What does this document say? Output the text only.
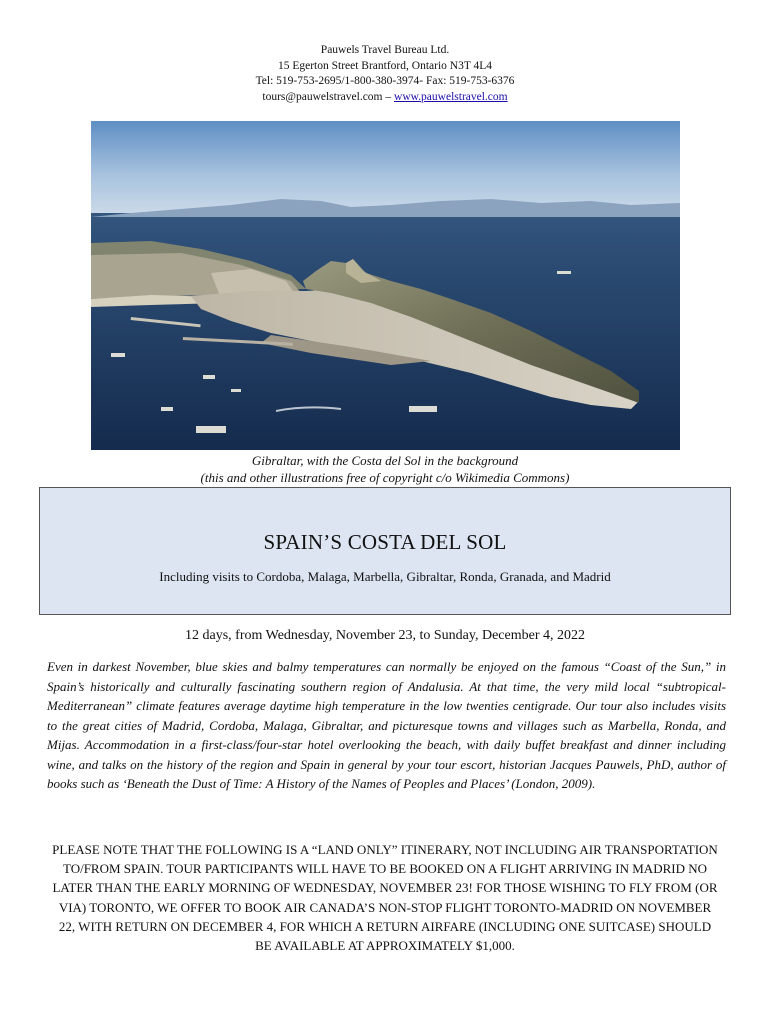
Pauwels Travel Bureau Ltd.
15 Egerton Street Brantford, Ontario N3T 4L4
Tel: 519-753-2695/1-800-380-3974- Fax: 519-753-6376
tours@pauwelstravel.com – www.pauwelstravel.com
Gibraltar, with the Costa del Sol in the background
(this and other illustrations free of copyright c/o Wikimedia Commons)
SPAIN’S COSTA DEL SOL
Including visits to Cordoba, Malaga, Marbella, Gibraltar, Ronda, Granada, and Madrid
12 days, from Wednesday, November 23, to Sunday, December 4, 2022
Even in darkest November, blue skies and balmy temperatures can normally be enjoyed on the famous “Coast of the Sun,” in Spain’s historically and culturally fascinating southern region of Andalusia. At that time, the very mild local “subtropical-Mediterranean” climate features average daytime high temperature in the low twenties centigrade. Our tour also includes visits to the great cities of Madrid, Cordoba, Malaga, Gibraltar, and picturesque towns and villages such as Marbella, Ronda, and Mijas. Accommodation in a first-class/four-star hotel overlooking the beach, with daily buffet breakfast and dinner including wine, and talks on the history of the region and Spain in general by your tour escort, historian Jacques Pauwels, PhD, author of books such as ‘Beneath the Dust of Time: A History of the Names of Peoples and Places’ (London, 2009).
PLEASE NOTE THAT THE FOLLOWING IS A “LAND ONLY” ITINERARY, NOT INCLUDING AIR TRANSPORTATION TO/FROM SPAIN. TOUR PARTICIPANTS WILL HAVE TO BE BOOKED ON A FLIGHT ARRIVING IN MADRID NO LATER THAN THE EARLY MORNING OF WEDNESDAY, NOVEMBER 23! FOR THOSE WISHING TO FLY FROM (OR VIA) TORONTO, WE OFFER TO BOOK AIR CANADA’S NON-STOP FLIGHT TORONTO-MADRID ON NOVEMBER 22, WITH RETURN ON DECEMBER 4, FOR WHICH A RETURN AIRFARE (INCLUDING ONE SUITCASE) SHOULD BE AVAILABLE AT APPROXIMATELY $1,000.
